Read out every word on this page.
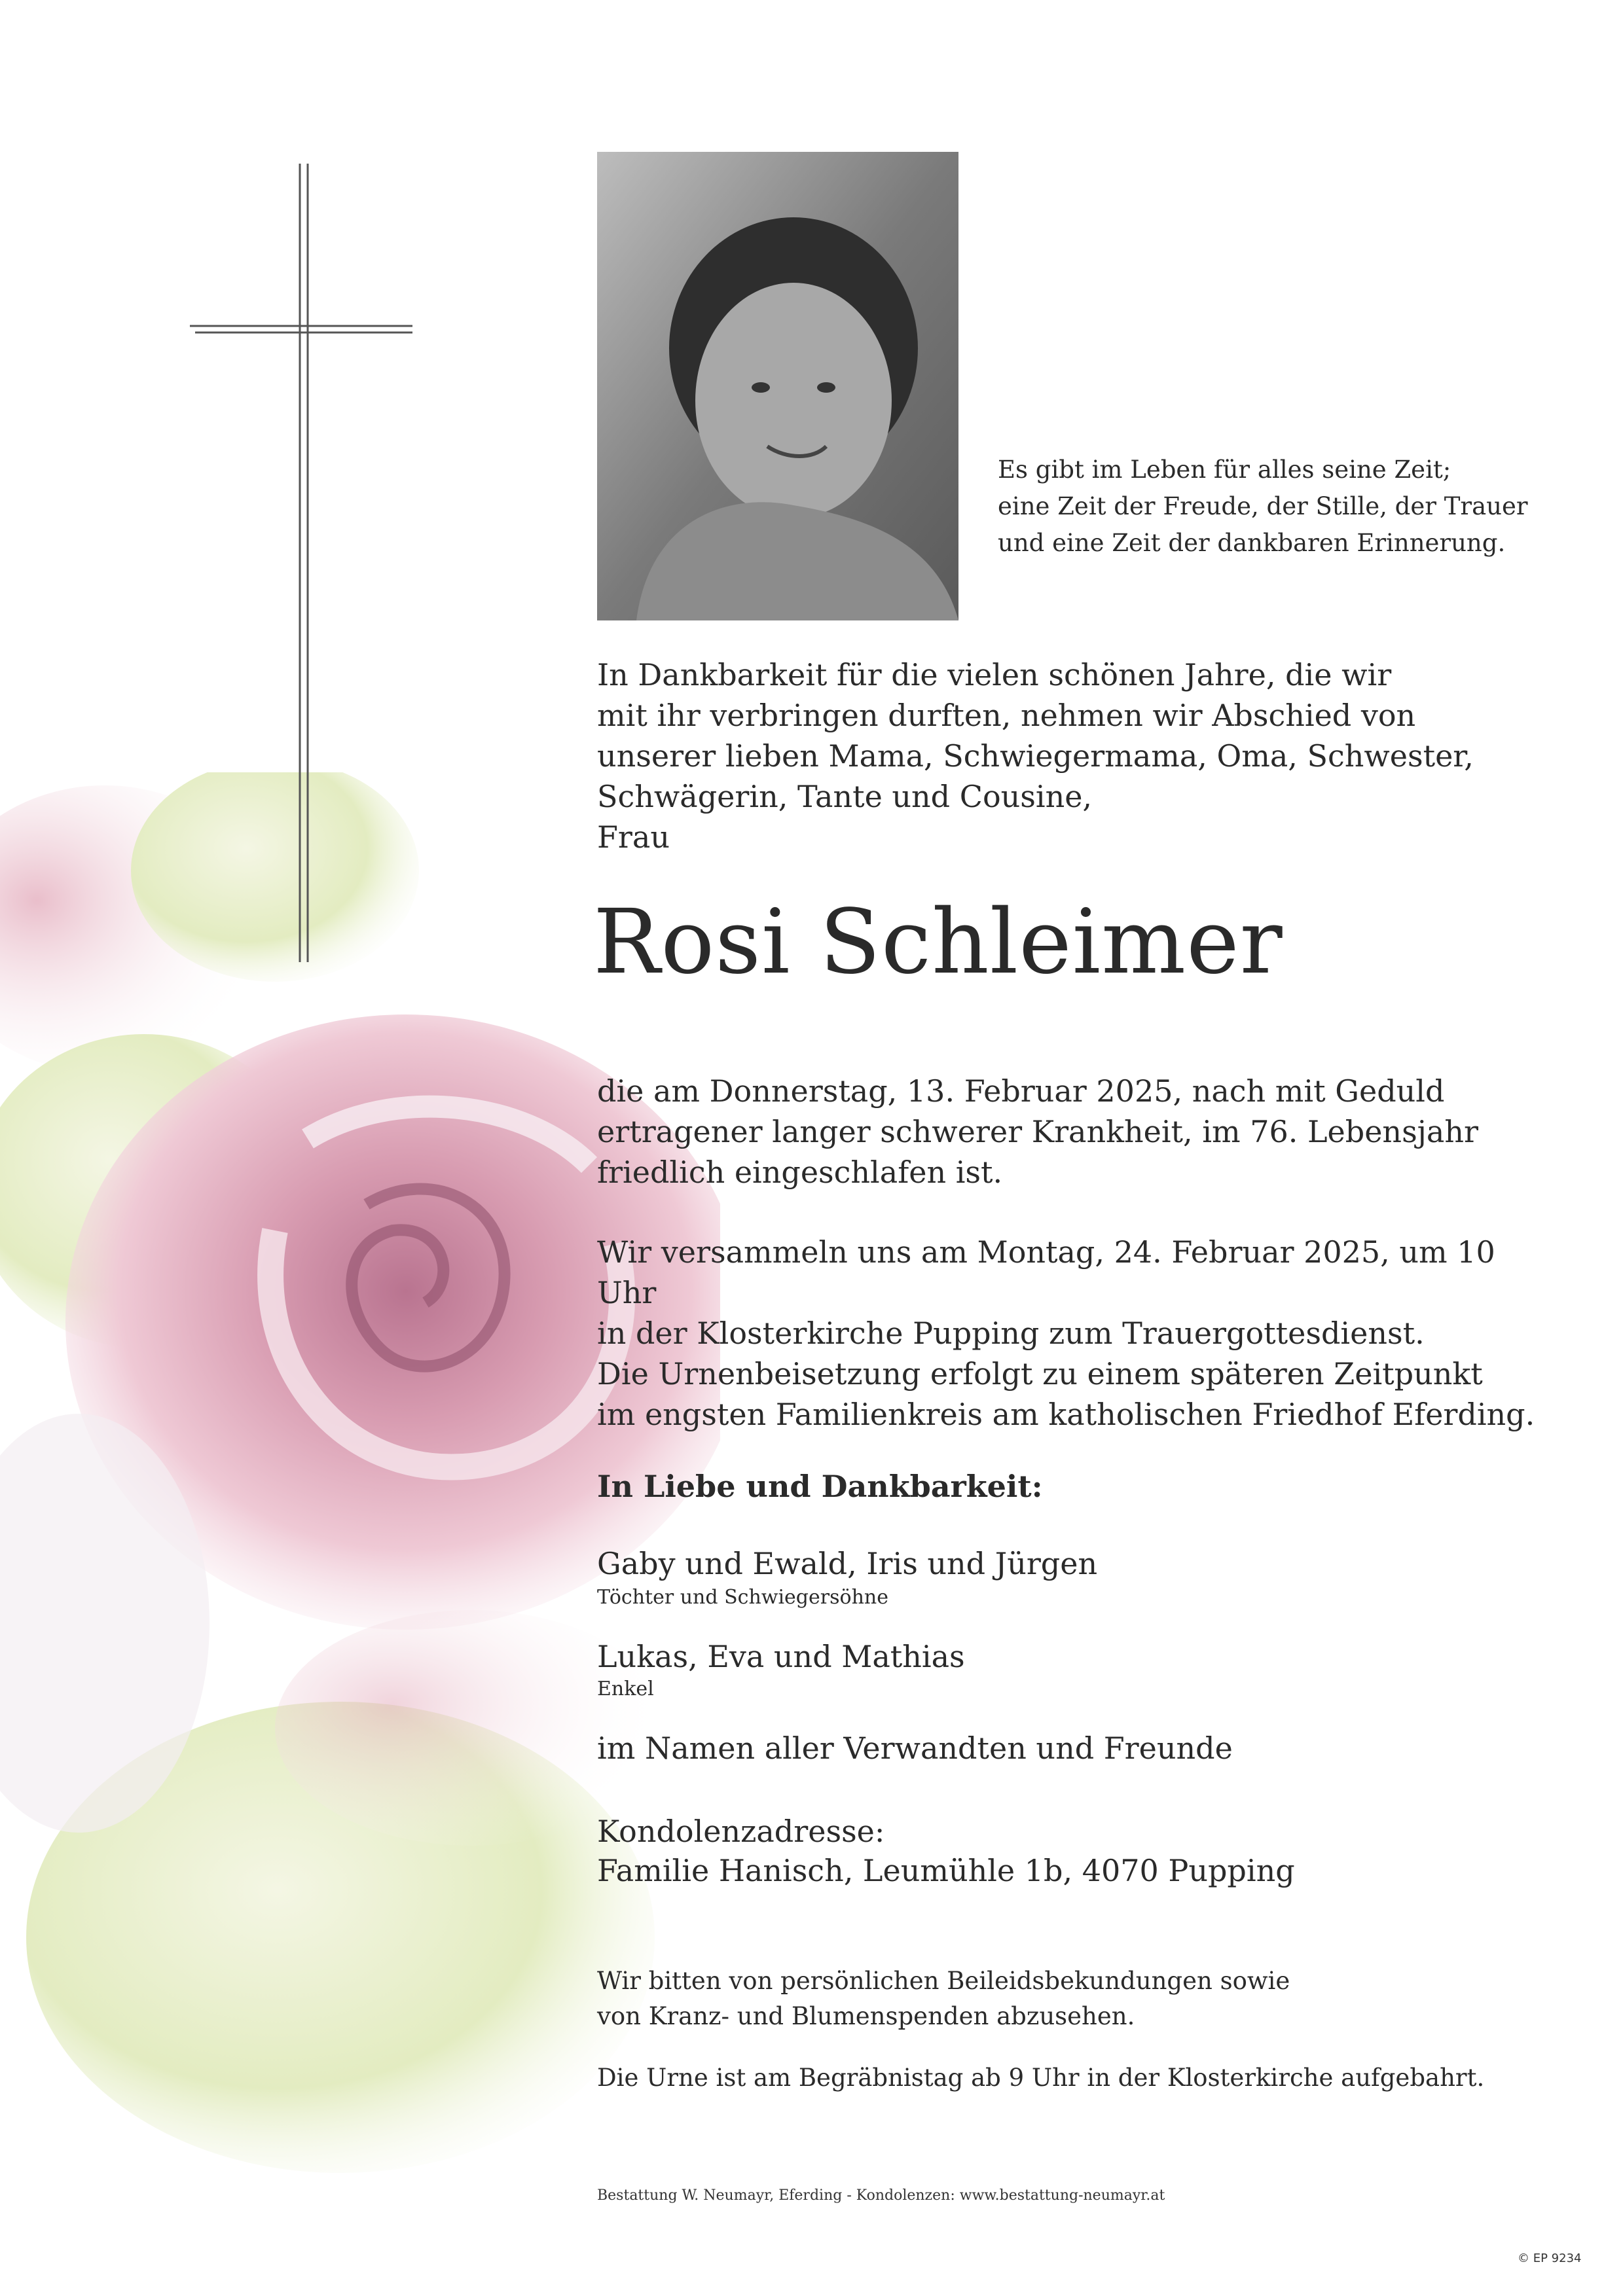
Es gibt im Leben für alles seine Zeit;
eine Zeit der Freude, der Stille, der Trauer
und eine Zeit der dankbaren Erinnerung.
In Dankbarkeit für die vielen schönen Jahre, die wir
mit ihr verbringen durften, nehmen wir Abschied von
unserer lieben Mama, Schwiegermama, Oma, Schwester,
Schwägerin, Tante und Cousine,
Frau
Rosi Schleimer
die am Donnerstag, 13. Februar 2025, nach mit Geduld
ertragener langer schwerer Krankheit, im 76. Lebensjahr
friedlich eingeschlafen ist.
Wir versammeln uns am Montag, 24. Februar 2025, um 10 Uhr
in der Klosterkirche Pupping zum Trauergottesdienst.
Die Urnenbeisetzung erfolgt zu einem späteren Zeitpunkt
im engsten Familienkreis am katholischen Friedhof Eferding.
In Liebe und Dankbarkeit:
Gaby und Ewald, Iris und Jürgen
Töchter und Schwiegersöhne
Lukas, Eva und Mathias
Enkel
im Namen aller Verwandten und Freunde
Kondolenzadresse:
Familie Hanisch, Leumühle 1b, 4070 Pupping
Wir bitten von persönlichen Beileidsbekundungen sowie
von Kranz- und Blumenspenden abzusehen.
Die Urne ist am Begräbnistag ab 9 Uhr in der Klosterkirche aufgebahrt.
Bestattung W. Neumayr, Eferding - Kondolenzen: www.bestattung-neumayr.at
© EP 9234
